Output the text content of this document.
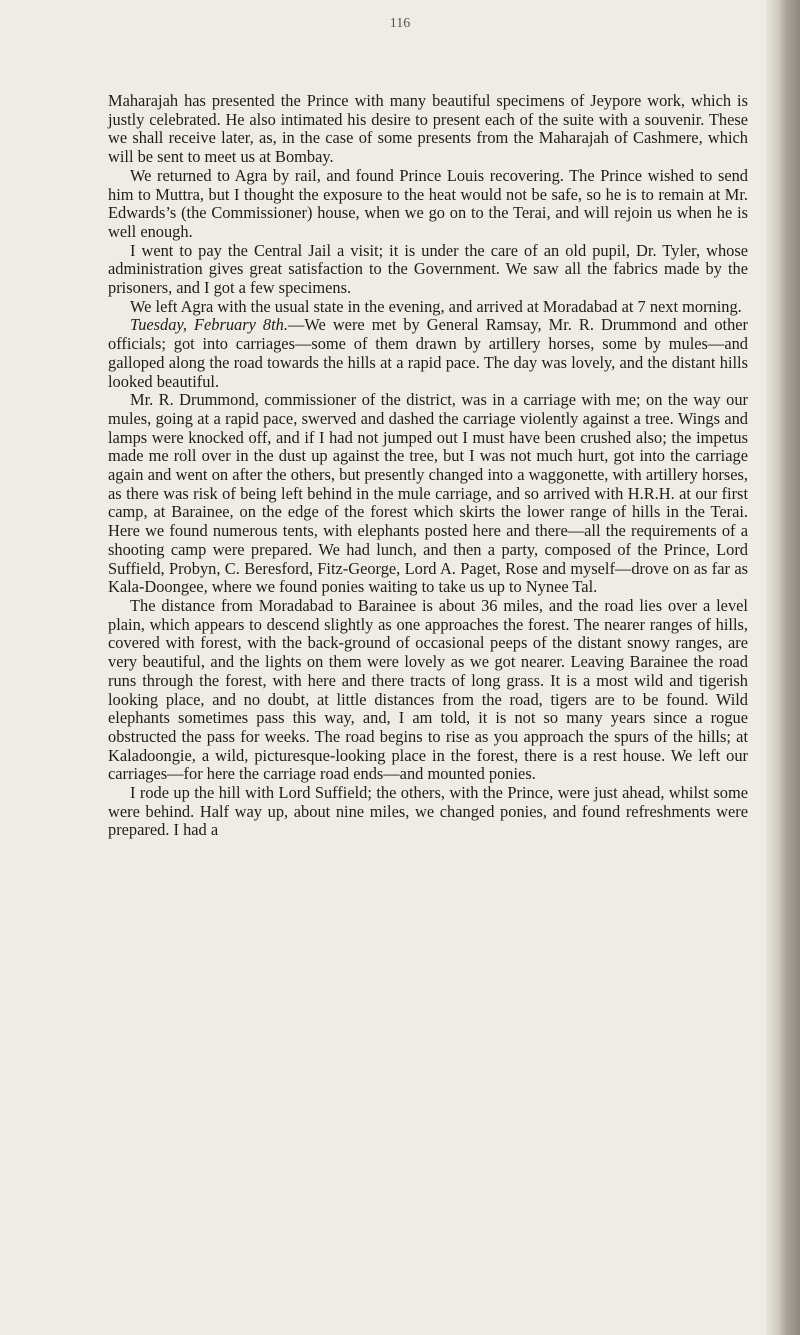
116

Maharajah has presented the Prince with many beautiful specimens of Jeypore work, which is justly celebrated. He also intimated his desire to present each of the suite with a souvenir. These we shall receive later, as, in the case of some presents from the Maharajah of Cashmere, which will be sent to meet us at Bombay.

We returned to Agra by rail, and found Prince Louis recovering. The Prince wished to send him to Muttra, but I thought the exposure to the heat would not be safe, so he is to remain at Mr. Edwards’s (the Commissioner) house, when we go on to the Terai, and will rejoin us when he is well enough.

I went to pay the Central Jail a visit; it is under the care of an old pupil, Dr. Tyler, whose administration gives great satisfaction to the Government. We saw all the fabrics made by the prisoners, and I got a few specimens.

We left Agra with the usual state in the evening, and arrived at Moradabad at 7 next morning.

Tuesday, February 8th.—We were met by General Ramsay, Mr. R. Drummond and other officials; got into carriages—some of them drawn by artillery horses, some by mules—and galloped along the road towards the hills at a rapid pace. The day was lovely, and the distant hills looked beautiful.

Mr. R. Drummond, commissioner of the district, was in a carriage with me; on the way our mules, going at a rapid pace, swerved and dashed the carriage violently against a tree. Wings and lamps were knocked off, and if I had not jumped out I must have been crushed also; the impetus made me roll over in the dust up against the tree, but I was not much hurt, got into the carriage again and went on after the others, but presently changed into a waggonette, with artillery horses, as there was risk of being left behind in the mule carriage, and so arrived with H.R.H. at our first camp, at Barainee, on the edge of the forest which skirts the lower range of hills in the Terai. Here we found numerous tents, with elephants posted here and there—all the requirements of a shooting camp were prepared. We had lunch, and then a party, composed of the Prince, Lord Suffield, Probyn, C. Beresford, Fitz-George, Lord A. Paget, Rose and myself—drove on as far as Kala-Doongee, where we found ponies waiting to take us up to Nynee Tal.

The distance from Moradabad to Barainee is about 36 miles, and the road lies over a level plain, which appears to descend slightly as one approaches the forest. The nearer ranges of hills, covered with forest, with the back-ground of occasional peeps of the distant snowy ranges, are very beautiful, and the lights on them were lovely as we got nearer. Leaving Barainee the road runs through the forest, with here and there tracts of long grass. It is a most wild and tigerish looking place, and no doubt, at little distances from the road, tigers are to be found. Wild elephants sometimes pass this way, and, I am told, it is not so many years since a rogue obstructed the pass for weeks. The road begins to rise as you approach the spurs of the hills; at Kaladoongie, a wild, picturesque-looking place in the forest, there is a rest house. We left our carriages—for here the carriage road ends—and mounted ponies.

I rode up the hill with Lord Suffield; the others, with the Prince, were just ahead, whilst some were behind. Half way up, about nine miles, we changed ponies, and found refreshments were prepared. I had a
